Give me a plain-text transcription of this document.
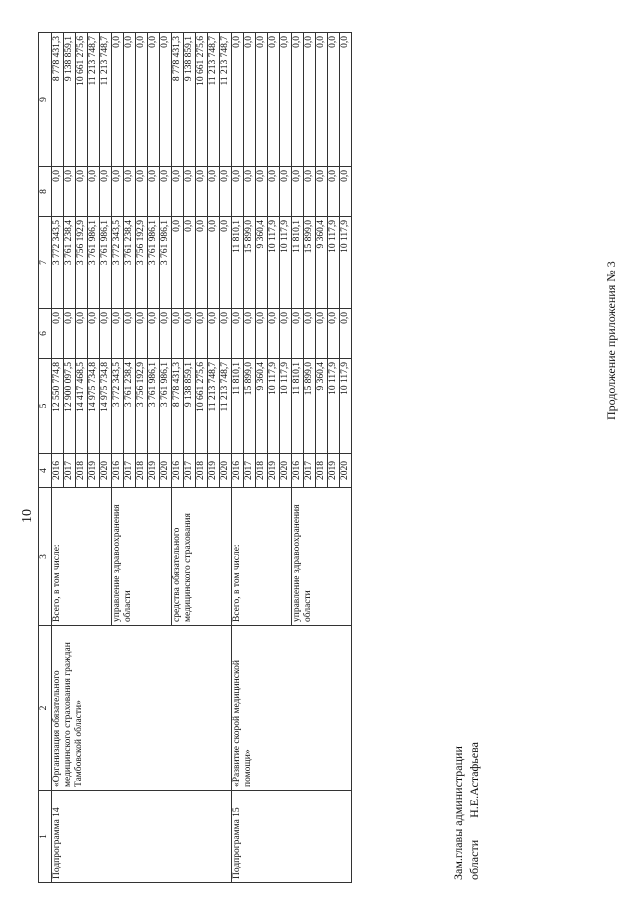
10
Продолжение приложения № 3
1	2	3	4	5	6	7	8	9
Подпрограмма 14	«Организация обязательного медицинского страхования граждан Тамбовской области»	Всего, в том числе:	2016	12 550 774,8	0,0	3 772 343,5	0,0	8 778 431,3
			2017	12 900 097,5	0,0	3 761 238,4	0,0	9 138 859,1
			2018	14 417 468,5	0,0	3 756 192,9	0,0	10 661 275,6
			2019	14 975 734,8	0,0	3 761 986,1	0,0	11 213 748,7
			2020	14 975 734,8	0,0	3 761 986,1	0,0	11 213 748,7
		управление здравоохранения области	2016	3 772 343,5	0,0	3 772 343,5	0,0	0,0
			2017	3 761 238,4	0,0	3 761 238,4	0,0	0,0
			2018	3 756 192,9	0,0	3 756 192,9	0,0	0,0
			2019	3 761 986,1	0,0	3 761 986,1	0,0	0,0
			2020	3 761 986,1	0,0	3 761 986,1	0,0	0,0
		средства обязательного медицинского страхования	2016	8 778 431,3	0,0	0,0	0,0	8 778 431,3
			2017	9 138 859,1	0,0	0,0	0,0	9 138 859,1
			2018	10 661 275,6	0,0	0,0	0,0	10 661 275,6
			2019	11 213 748,7	0,0	0,0	0,0	11 213 748,7
			2020	11 213 748,7	0,0	0,0	0,0	11 213 748,7
Подпрограмма 15	«Развитие скорой медицинской помощи»	Всего, в том числе:	2016	11 810,1	0,0	11 810,1	0,0	0,0
			2017	15 899,0	0,0	15 899,0	0,0	0,0
			2018	9 360,4	0,0	9 360,4	0,0	0,0
			2019	10 117,9	0,0	10 117,9	0,0	0,0
			2020	10 117,9	0,0	10 117,9	0,0	0,0
		управление здравоохранения области	2016	11 810,1	0,0	11 810,1	0,0	0,0
			2017	15 899,0	0,0	15 899,0	0,0	0,0
			2018	9 360,4	0,0	9 360,4	0,0	0,0
			2019	10 117,9	0,0	10 117,9	0,0	0,0
			2020	10 117,9	0,0	10 117,9	0,0	0,0
Зам.главы администрации областиН.Е.Астафьева
